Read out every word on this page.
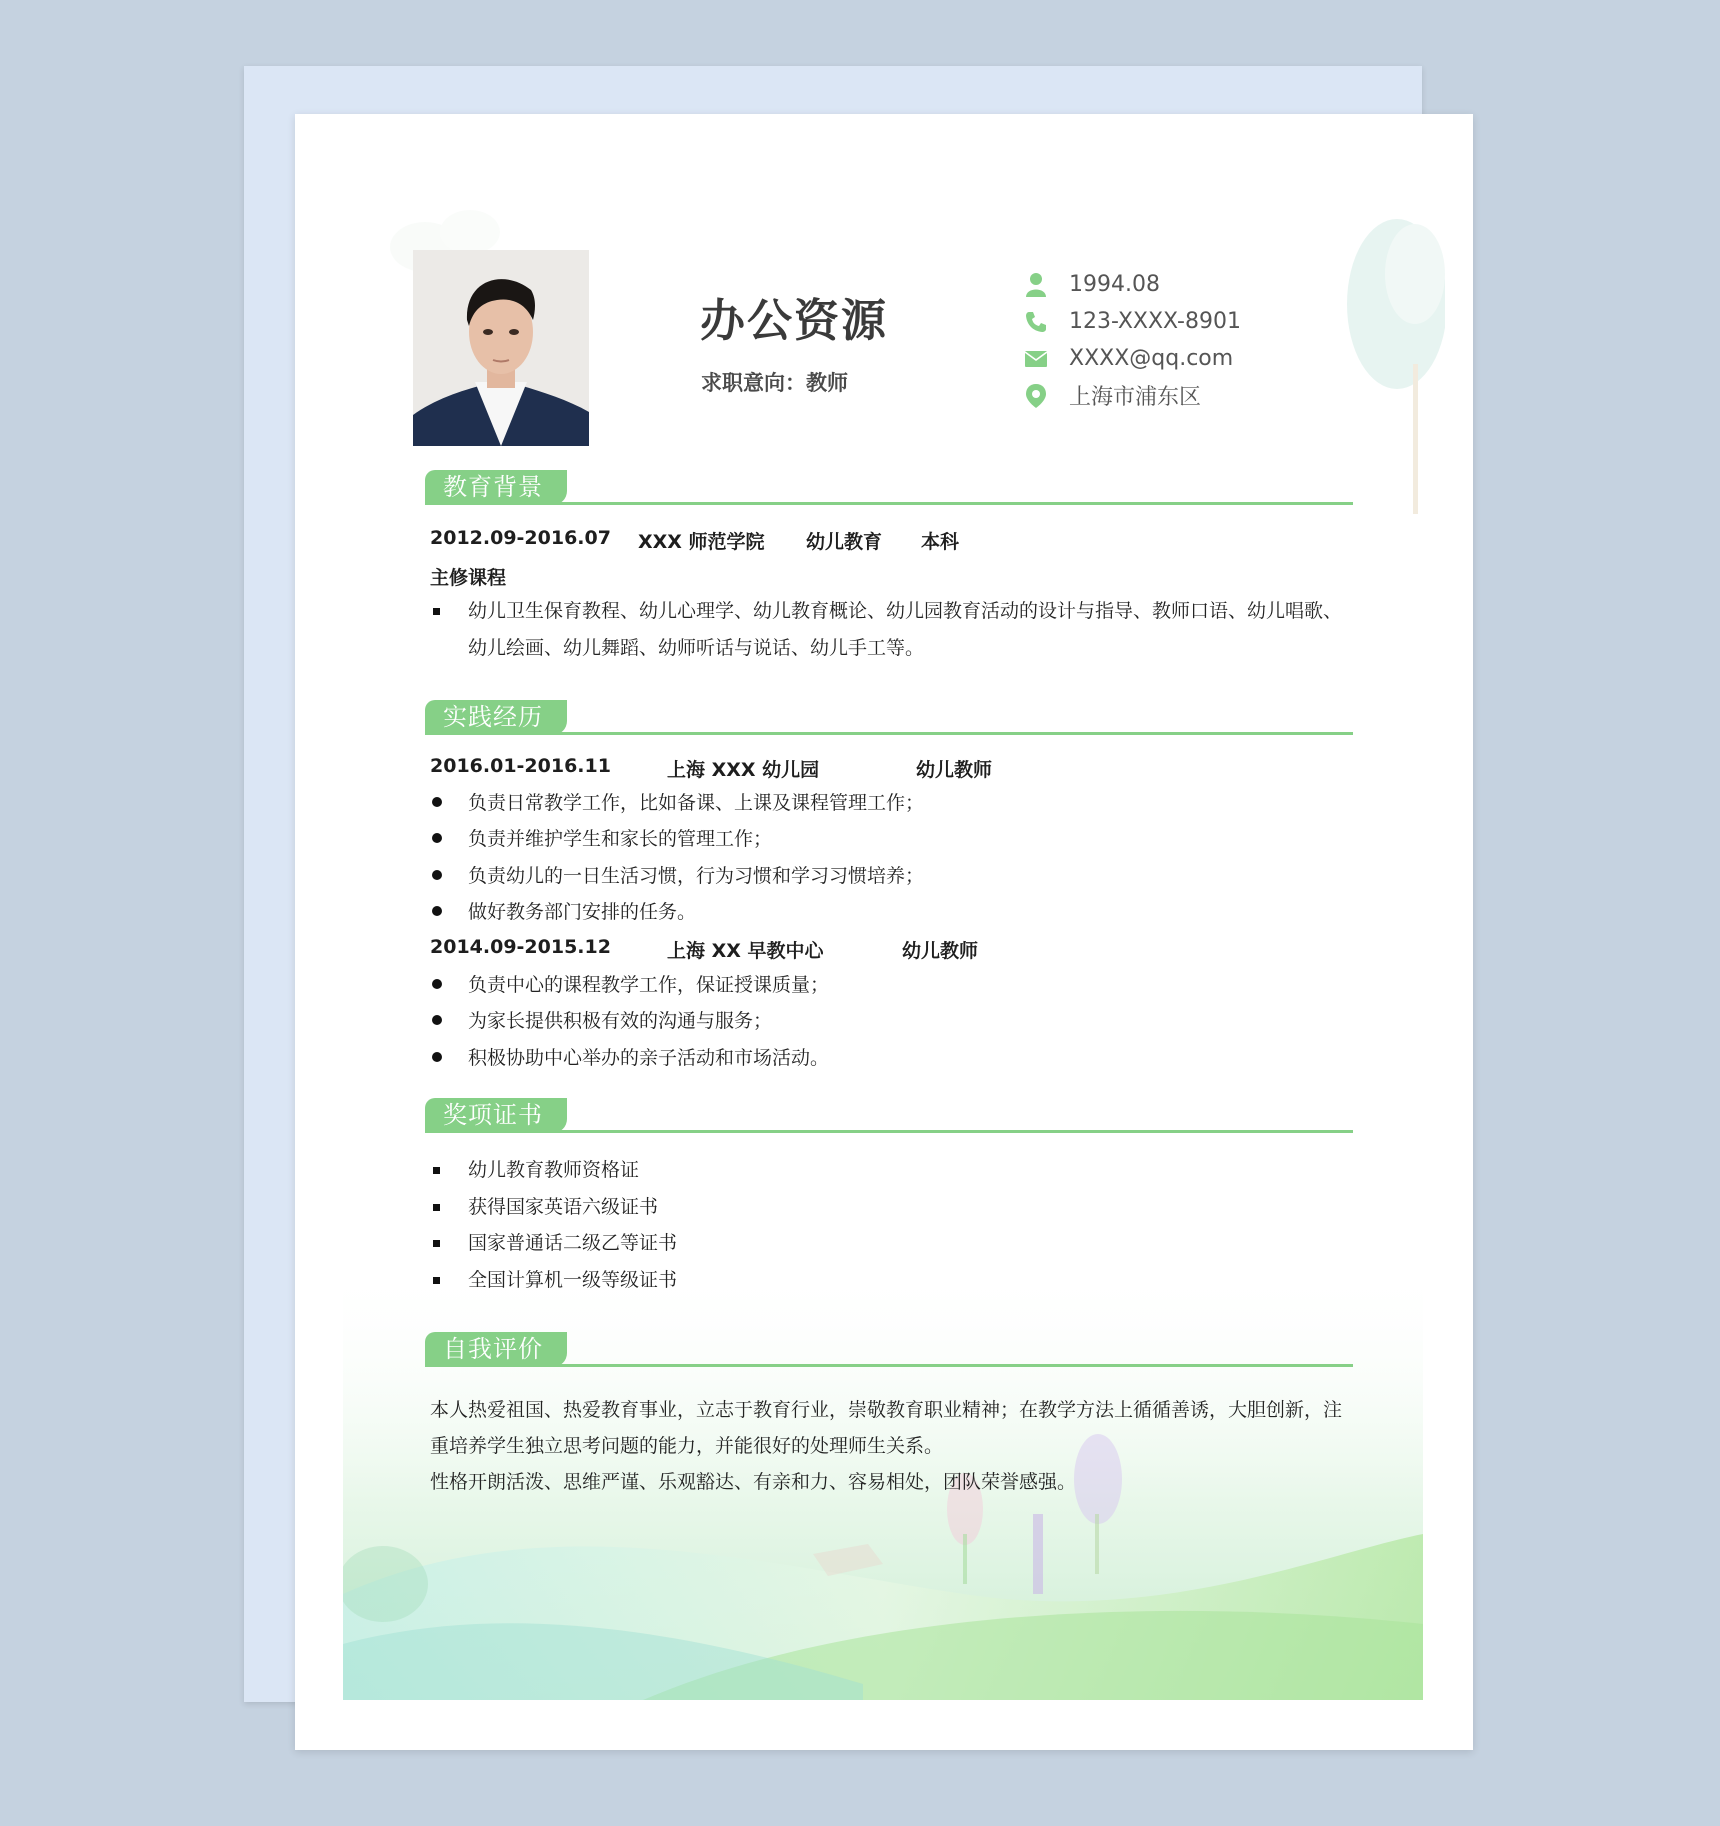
办公资源
求职意向：教师
1994.08
123-XXXX-8901
XXXX@qq.com
上海市浦东区
教育背景
2012.09-2016.07 XXX 师范学院 幼儿教育 本科
主修课程
幼儿卫生保育教程、幼儿心理学、幼儿教育概论、幼儿园教育活动的设计与指导、教师口语、幼儿唱歌、
幼儿绘画、幼儿舞蹈、幼师听话与说话、幼儿手工等。
实践经历
2016.01-2016.11	上海 XXX 幼儿园	幼儿教师
负责日常教学工作，比如备课、上课及课程管理工作；
负责并维护学生和家长的管理工作；
负责幼儿的一日生活习惯，行为习惯和学习习惯培养；
做好教务部门安排的任务。
2014.09-2015.12	上海 XX 早教中心	幼儿教师
负责中心的课程教学工作，保证授课质量；
为家长提供积极有效的沟通与服务；
积极协助中心举办的亲子活动和市场活动。
奖项证书
幼儿教育教师资格证
获得国家英语六级证书
国家普通话二级乙等证书
全国计算机一级等级证书
自我评价
本人热爱祖国、热爱教育事业，立志于教育行业，崇敬教育职业精神；在教学方法上循循善诱，大胆创新，注
重培养学生独立思考问题的能力，并能很好的处理师生关系。
性格开朗活泼、思维严谨、乐观豁达、有亲和力、容易相处，团队荣誉感强。
